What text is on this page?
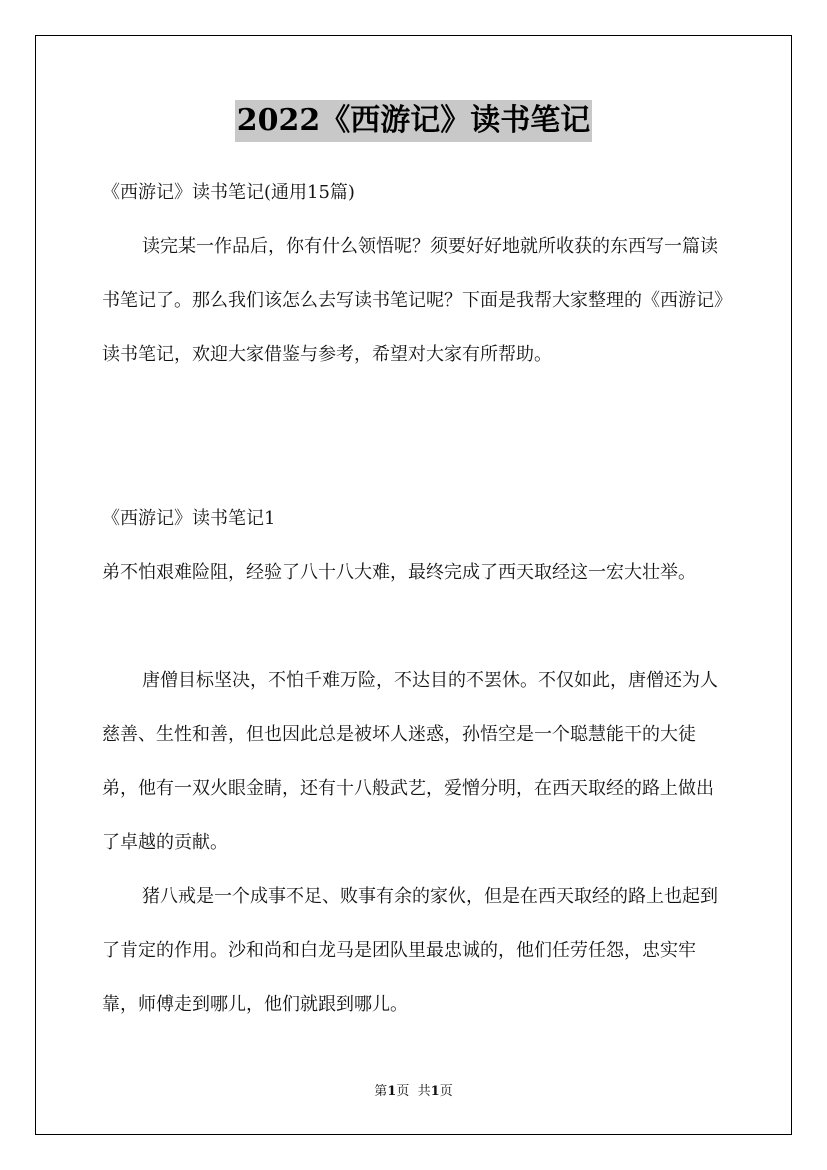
2022《西游记》读书笔记
《西游记》读书笔记(通用15篇)
读完某一作品后，你有什么领悟呢？须要好好地就所收获的东西写一篇读书笔记了。那么我们该怎么去写读书笔记呢？下面是我帮大家整理的《西游记》读书笔记，欢迎大家借鉴与参考，希望对大家有所帮助。
《西游记》读书笔记1
弟不怕艰难险阻，经验了八十八大难，最终完成了西天取经这一宏大壮举。
唐僧目标坚决，不怕千难万险，不达目的不罢休。不仅如此，唐僧还为人慈善、生性和善，但也因此总是被坏人迷惑，孙悟空是一个聪慧能干的大徒弟，他有一双火眼金睛，还有十八般武艺，爱憎分明，在西天取经的路上做出了卓越的贡献。
猪八戒是一个成事不足、败事有余的家伙，但是在西天取经的路上也起到了肯定的作用。沙和尚和白龙马是团队里最忠诚的，他们任劳任怨，忠实牢靠，师傅走到哪儿，他们就跟到哪儿。
第1页 共1页
